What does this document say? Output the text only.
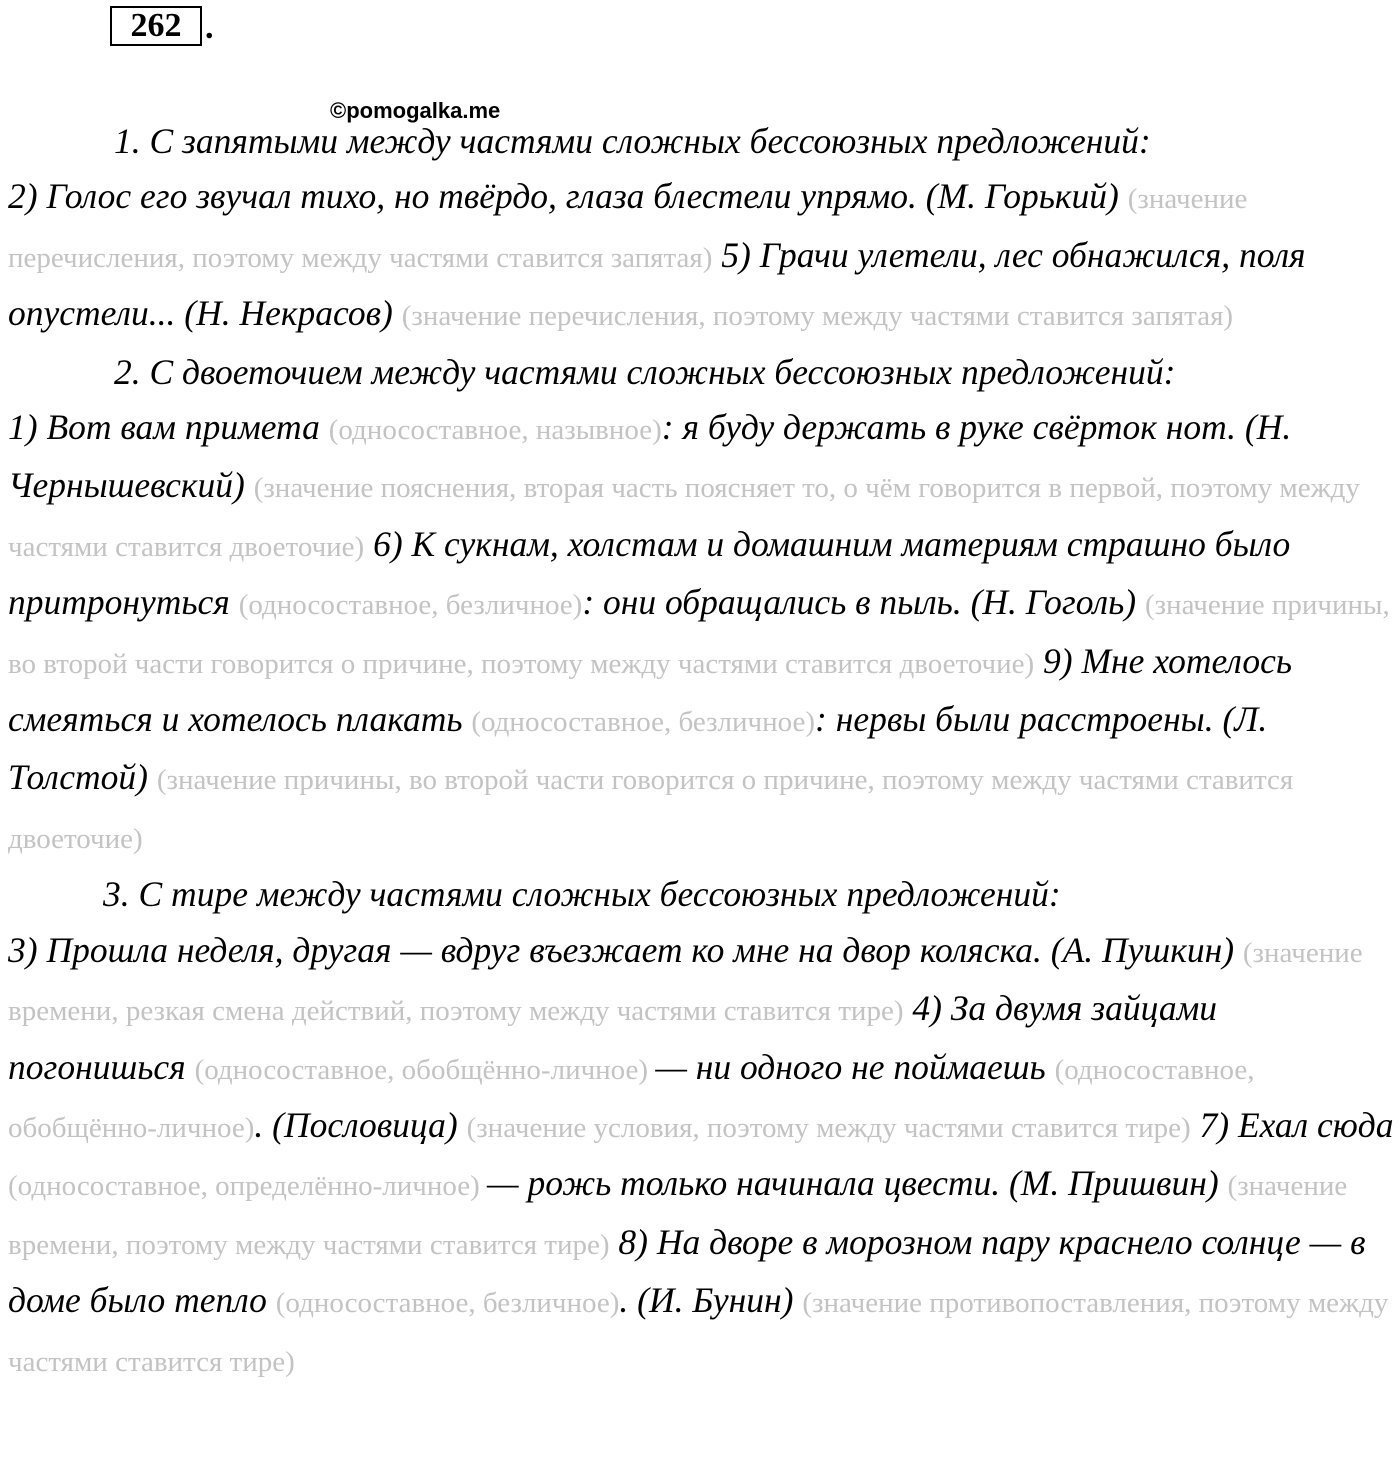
262 .
©pomogalka.me

1. С запятыми между частями сложных бессоюзных предложений:

2) Голос его звучал тихо, но твёрдо, глаза блестели упрямо. (М. Горький) (значение перечисления, поэтому между частями ставится запятая) 5) Грачи улетели, лес обнажился, поля опустели... (Н. Некрасов) (значение перечисления, поэтому между частями ставится запятая)

2. С двоеточием между частями сложных бессоюзных предложений:

1) Вот вам примета (односоставное, назывное): я буду держать в руке свёрток нот. (Н. Чернышевский) (значение пояснения, вторая часть поясняет то, о чём говорится в первой, поэтому между частями ставится двоеточие) 6) К сукнам, холстам и домашним материям страшно было притронуться (односоставное, безличное): они обращались в пыль. (Н. Гоголь) (значение причины, во второй части говорится о причине, поэтому между частями ставится двоеточие) 9) Мне хотелось смеяться и хотелось плакать (односоставное, безличное): нервы были расстроены. (Л. Толстой) (значение причины, во второй части говорится о причине, поэтому между частями ставится двоеточие)

3. С тире между частями сложных бессоюзных предложений:

3) Прошла неделя, другая — вдруг въезжает ко мне на двор коляска. (А. Пушкин) (значение времени, резкая смена действий, поэтому между частями ставится тире) 4) За двумя зайцами погонишься (односоставное, обобщённо-личное) — ни одного не поймаешь (односоставное, обобщённо-личное). (Пословица) (значение условия, поэтому между частями ставится тире) 7) Ехал сюда (односоставное, определённо-личное) — рожь только начинала цвести. (М. Пришвин) (значение времени, поэтому между частями ставится тире) 8) На дворе в морозном пару краснело солнце — в доме было тепло (односоставное, безличное). (И. Бунин) (значение противопоставления, поэтому между частями ставится тире)
